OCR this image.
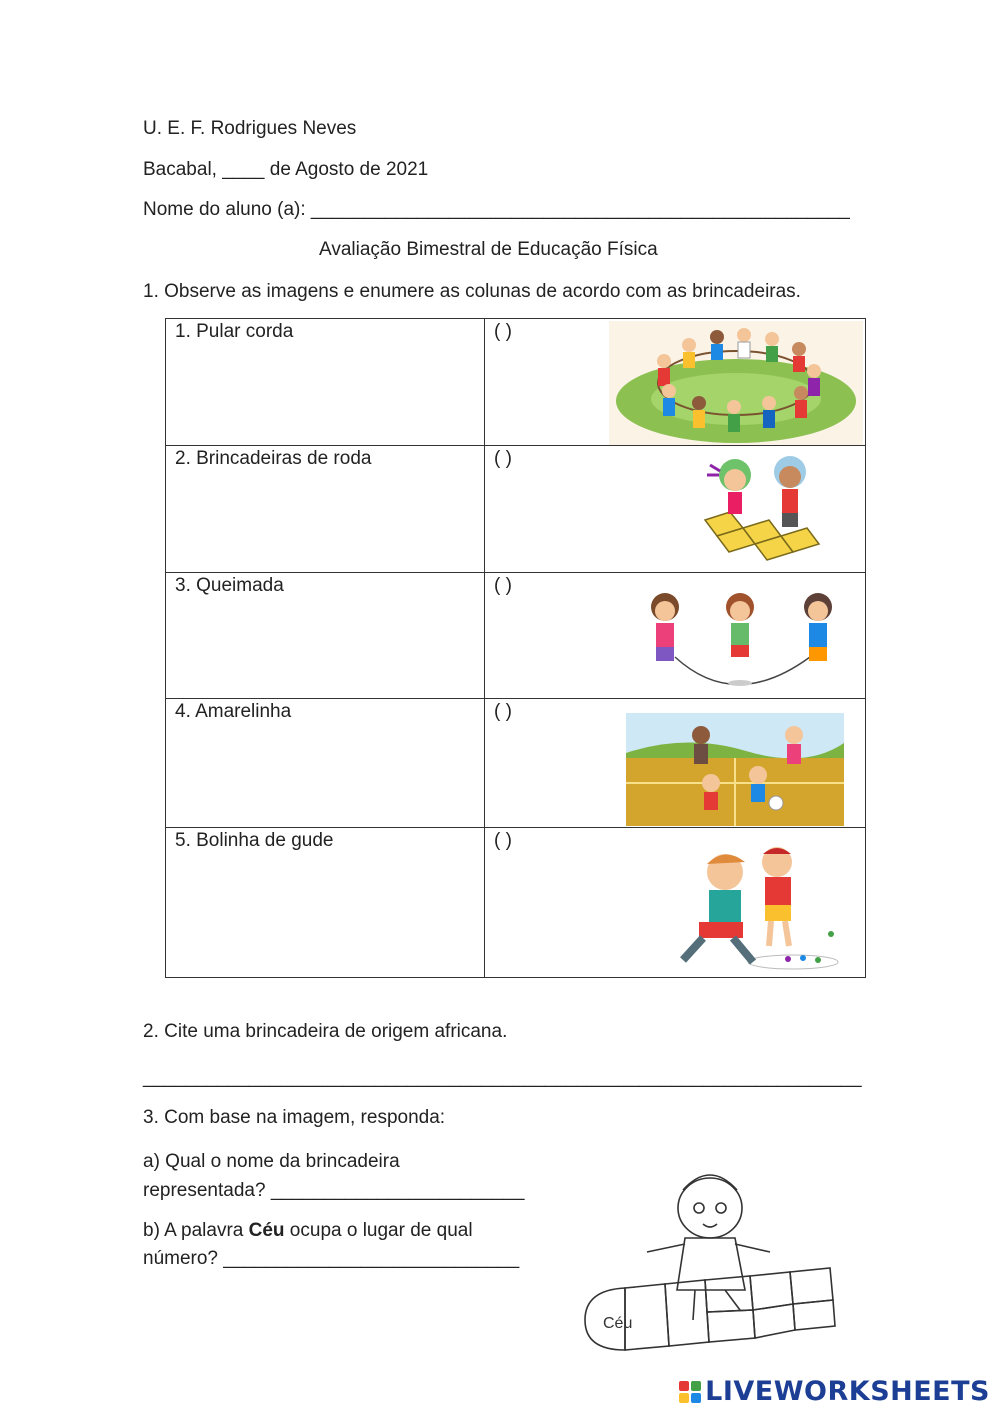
U. E. F. Rodrigues Neves
Bacabal, ____ de Agosto de 2021
Nome do aluno (a): ___________________________________________________
Avaliação Bimestral de Educação Física
1. Observe as imagens e enumere as colunas de acordo com as brincadeiras.
1. Pular corda	( )

2. Brincadeiras de roda	( )

3. Queimada	( )

4. Amarelinha	( )

5. Bolinha de gude	( )
2. Cite uma brincadeira de origem africana.
____________________________________________________________________
3. Com base na imagem, responda:
a) Qual o nome da brincadeira
representada? ________________________
b) A palavra Céu ocupa o lugar de qual
número? ____________________________
Céu
LIVEWORKSHEETS
